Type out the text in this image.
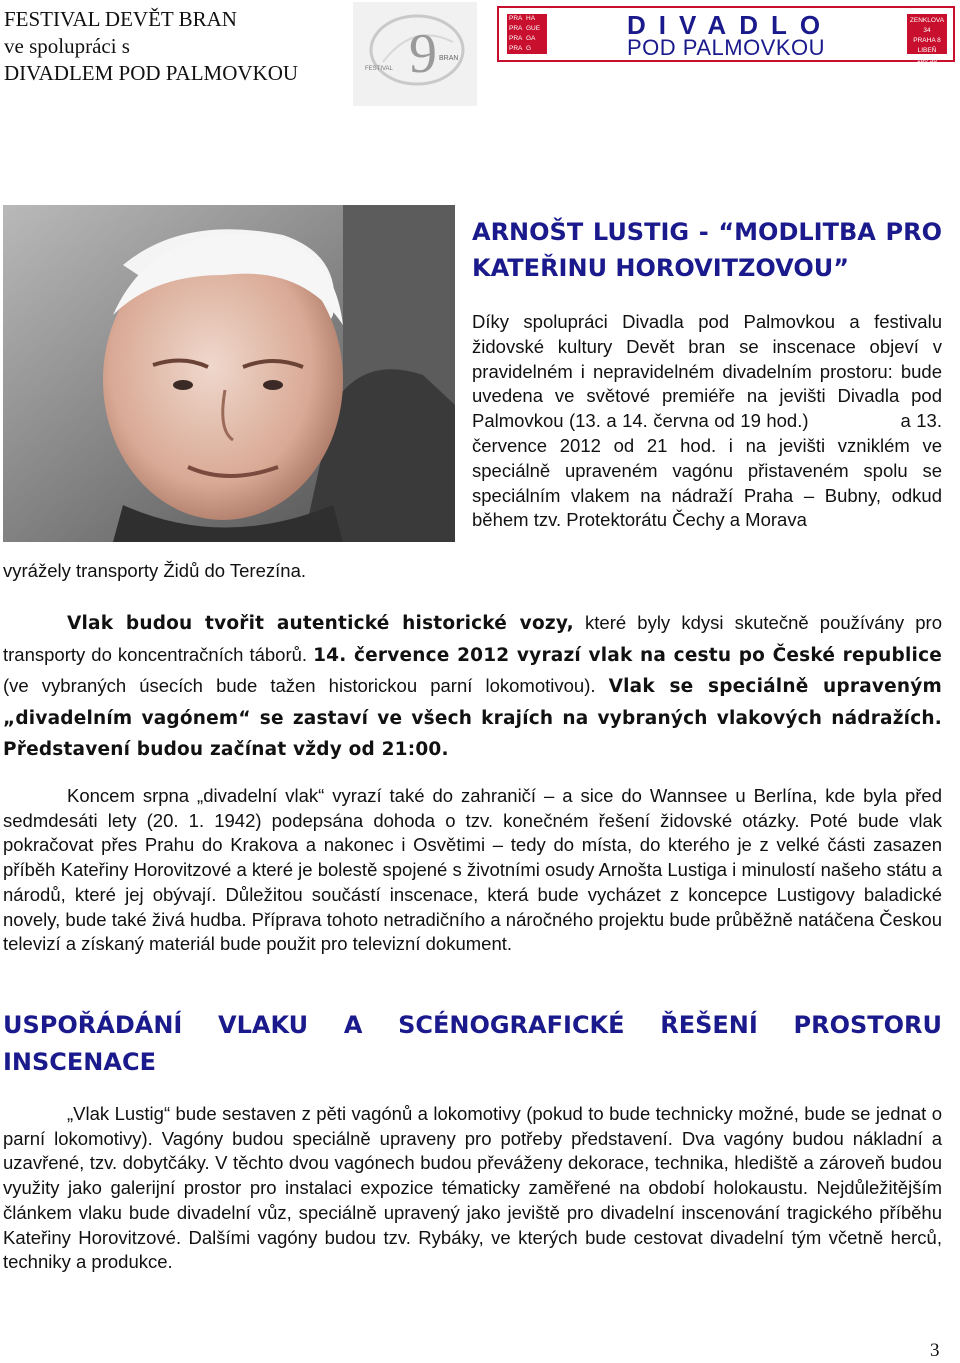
FESTIVAL DEVĚT BRAN
ve spolupráci s
DIVADLEM POD PALMOVKOU	9
FESTIVAL
BRAN
PRA HA
PRA GUE
PRA GA
PRA G
DIVADLO
POD PALMOVKOU
ZENKLOVA 34
PRAHA 8
LIBEŇ
180 36
vyrážely transporty Židů do Terezína.
ARNOŠT LUSTIG - “MODLITBA PRO KATEŘINU HOROVITZOVOU”
Díky spolupráci Divadla pod Palmovkou a festivalu židovské kultury Devět bran se inscenace objeví v pravidelném i nepravidelném divadelním prostoru: bude uvedena ve světové premiéře na jevišti Divadla pod Palmovkou (13. a 14. června od 19 hod.)	a 13. července 2012 od 21 hod. i na jevišti vzniklém ve speciálně upraveném vagónu přistaveném spolu se speciálním vlakem na nádraží Praha – Bubny, odkud během tzv. Protektorátu Čechy a Morava
Vlak budou tvořit autentické historické vozy, které byly kdysi skutečně používány pro transporty do koncentračních táborů. 14. července 2012 vyrazí vlak na cestu po České republice (ve vybraných úsecích bude tažen historickou parní lokomotivou). Vlak se speciálně upraveným „divadelním vagónem“ se zastaví ve všech krajích na vybraných vlakových nádražích. Představení budou začínat vždy od 21:00.
Koncem srpna „divadelní vlak“ vyrazí také do zahraničí – a sice do Wannsee u Berlína, kde byla před sedmdesáti lety (20. 1. 1942) podepsána dohoda o tzv. konečném řešení židovské otázky. Poté bude vlak pokračovat přes Prahu do Krakova a nakonec i Osvětimi – tedy do místa, do kterého je z velké části zasazen příběh Kateřiny Horovitzové a které je bolestě spojené s životními osudy Arnošta Lustiga i minulostí našeho státu a národů, které jej obývají. Důležitou součástí inscenace, která bude vycházet z koncepce Lustigovy baladické novely, bude také živá hudba. Příprava tohoto netradičního a náročného projektu bude průběžně natáčena Českou televizí a získaný materiál bude použit pro televizní dokument.
USPOŘÁDÁNÍ VLAKU A SCÉNOGRAFICKÉ ŘEŠENÍ PROSTORU INSCENACE
„Vlak Lustig“ bude sestaven z pěti vagónů a lokomotivy (pokud to bude technicky možné, bude se jednat o parní lokomotivy). Vagóny budou speciálně upraveny pro potřeby představení. Dva vagóny budou nákladní a uzavřené, tzv. dobytčáky. V těchto dvou vagónech budou převáženy dekorace, technika, hlediště a zároveň budou využity jako galerijní prostor pro instalaci expozice tématicky zaměřené na období holokaustu. Nejdůležitějším článkem vlaku bude divadelní vůz, speciálně upravený jako jeviště pro divadelní inscenování tragického příběhu Kateřiny Horovitzové. Dalšími vagóny budou tzv. Rybáky, ve kterých bude cestovat divadelní tým včetně herců, techniky a produkce.
3
